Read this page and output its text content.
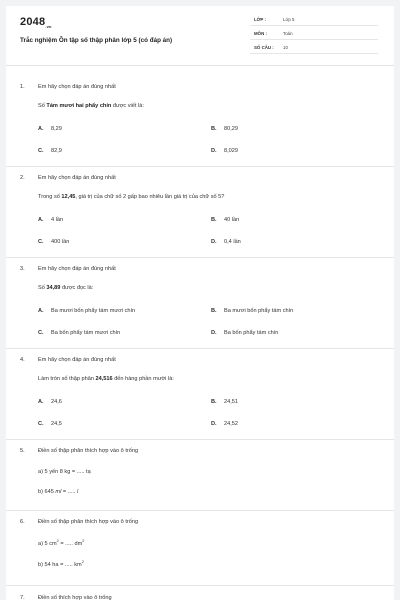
$2048_{.vn}$
Trắc nghiệm Ôn tập số thập phân lớp 5 (có đáp án)
LỚP :	Lớp 5
MÔN :	Toán
SỐ CÂU : 10
1. Em hãy chọn đáp án đúng nhất
Số Tám mươi hai phẩy chín được viết là:
A. 8,29	B. 80,29
C. 82,9	D. 8,029
2. Em hãy chọn đáp án đúng nhất
Trong số 12,45, giá trị của chữ số 2 gấp bao nhiêu lần giá trị của chữ số 5?
A. 4 lần	B. 40 lần
C. 400 lần	D. 0,4 lần
3. Em hãy chọn đáp án đúng nhất
Số 34,89 được đọc là:
A. Ba mươi bốn phẩy tám mươi chín	B. Ba mươi bốn phẩy tám chín
C. Ba bốn phẩy tám mươi chín	D. Ba bốn phẩy tám chín
4. Em hãy chọn đáp án đúng nhất
Làm tròn số thập phân 24,516 đến hàng phần mười là:
A. 24,6	B. 24,51
C. 24,5	D. 24,52
5. Điền số thập phân thích hợp vào ô trống
a) 5 yến 8 kg = ..... tạ
b) 645 ml = ..... l
6. Điền số thập phân thích hợp vào ô trống
a) 5 $cm^2$ = ..... $dm^2$
b) 54 ha = ..... $km^2$
7. Điền số thích hợp vào ô trống
